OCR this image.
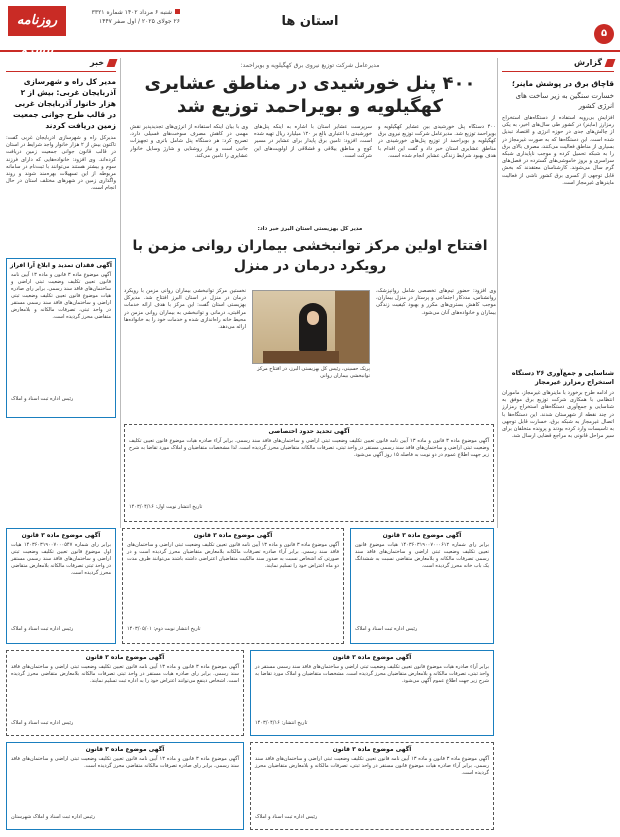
۵
استان ها
روزنامه پیشرو
شنبه ۶ مرداد ۱۴۰۲ شماره ۳۳۲۱
۲۶ جولای ۲۰۲۵ / اول صفر ۱۴۴۷
گزارش
قاچاق برق در پوشش ماینر؛
خسارت سنگین به زیر ساخت های انرژی کشور
افزایش بی‌رویه استفاده از دستگاه‌های استخراج رمزارز (ماینر) در کشور طی سال‌های اخیر، به یکی از چالش‌های جدی در حوزه انرژی و اقتصاد تبدیل شده است. این دستگاه‌ها که به صورت غیرمجاز در بسیاری از مناطق فعالیت می‌کنند، مصرف بالای برق را به شبکه تحمیل کرده و موجب ناپایداری شبکه سراسری و بروز خاموشی‌های گسترده در فصل‌های گرم سال می‌شوند. کارشناسان معتقدند که بخش قابل توجهی از کسری برق کشور ناشی از فعالیت ماینرهای غیرمجاز است.
شناسایی و جمع‌آوری ۲۶ دستگاه استخراج رمزارز غیرمجاز
در ادامه طرح برخورد با ماینرهای غیرمجاز، ماموران انتظامی با همکاری شرکت توزیع برق موفق به شناسایی و جمع‌آوری دستگاه‌های استخراج رمزارز در چند نقطه از شهرستان شدند. این دستگاه‌ها با اتصال غیرمجاز به شبکه برق، خسارت قابل توجهی به تاسیسات وارد کرده بودند و پرونده متخلفان برای سیر مراحل قانونی به مراجع قضایی ارسال شد.
مدیرعامل شرکت توزیع نیروی برق کهگیلویه و بویراحمد:
۴۰۰ پنل خورشیدی در مناطق عشایری کهگیلویه و بویراحمد توزیع شد
۴۰۰ دستگاه پنل خورشیدی بین عشایر کهگیلویه و بویراحمد توزیع شد. مدیرعامل شرکت توزیع نیروی برق کهگیلویه و بویراحمد از توزیع پنل‌های خورشیدی در مناطق عشایری استان خبر داد و گفت این اقدام با هدف بهبود شرایط زندگی عشایر انجام شده است.
سرپرست عشایر استان با اشاره به اینکه پنل‌های خورشیدی با اعتباری بالغ بر ۱۲۰ میلیارد ریال تهیه شده است، افزود: تامین برق پایدار برای عشایر در مسیر کوچ و مناطق ییلاقی و قشلاقی از اولویت‌های این شرکت است.
وی با بیان اینکه استفاده از انرژی‌های تجدیدپذیر نقش مهمی در کاهش مصرف سوخت‌های فسیلی دارد، تصریح کرد: هر دستگاه پنل شامل باتری و تجهیزات جانبی است و نیاز روشنایی و شارژ وسایل خانوار عشایری را تامین می‌کند.
مدیر کل بهزیستی استان البرز خبر داد:
افتتاح اولین مرکز توانبخشی بیماران روانی مزمن با رویکرد درمان در منزل
وی افزود: حضور تیم‌های تخصصی شامل روانپزشک، روانشناس، مددکار اجتماعی و پرستار در منزل بیماران، موجب کاهش بستری‌های مکرر و بهبود کیفیت زندگی بیماران و خانواده‌های آنان می‌شود.
نخستین مرکز توانبخشی بیماران روانی مزمن با رویکرد درمان در منزل در استان البرز افتتاح شد. مدیرکل بهزیستی استان گفت: این مرکز با هدف ارائه خدمات مراقبتی، درمانی و توانبخشی به بیماران روانی مزمن در محیط خانه راه‌اندازی شده و خدمات خود را به خانواده‌ها ارائه می‌دهد.
پرنک حسینی، رئیس کل بهزیستی البرز، در افتتاح مرکز توانبخشی بیماران روانی
خبر
مدیر کل راه و شهرسازی آذربایجان غربی: بیش از ۲ هزار خانوار آذربایجان غربی در قالب طرح جوانی جمعیت زمین دریافت کردند
مدیرکل راه و شهرسازی آذربایجان غربی گفت: تاکنون بیش از ۲ هزار خانوار واجد شرایط در استان در قالب قانون جوانی جمعیت زمین دریافت کرده‌اند. وی افزود: خانواده‌هایی که دارای فرزند سوم و بیشتر هستند می‌توانند با ثبت‌نام در سامانه مربوطه از این تسهیلات بهره‌مند شوند و روند واگذاری زمین در شهرهای مختلف استان در حال انجام است.
آگهی فقدان تمدید و ابلاغ آرا افراز
آگهی موضوع ماده ۳ قانون و ماده ۱۳ آیین نامه قانون تعیین تکلیف وضعیت ثبتی اراضی و ساختمان‌های فاقد سند رسمی. برابر رای صادره هیات موضوع قانون تعیین تکلیف وضعیت ثبتی اراضی و ساختمان‌های فاقد سند رسمی مستقر در واحد ثبتی، تصرفات مالکانه و بلامعارض متقاضی محرز گردیده است.
رئیس اداره ثبت اسناد و املاک
آگهی تحدید حدود اختصاصی
آگهی موضوع ماده ۳ قانون و ماده ۱۳ آیین نامه قانون تعیین تکلیف وضعیت ثبتی اراضی و ساختمان‌های فاقد سند رسمی. برابر آراء صادره هیات موضوع قانون تعیین تکلیف وضعیت ثبتی اراضی و ساختمان‌های فاقد سند رسمی مستقر در واحد ثبتی، تصرفات مالکانه متقاضیان محرز گردیده است. لذا مشخصات متقاضیان و املاک مورد تقاضا به شرح زیر جهت اطلاع عموم در دو نوبت به فاصله ۱۵ روز آگهی می‌شود.
تاریخ انتشار نوبت اول: ۱۴۰۳/۰۴/۱۶
آگهی موضوع ماده ۳ قانون
برابر رای شماره ۱۴۰۳۶۰۳۱۹۰۰۷۰۰۰۵۴۷ هیات اول موضوع قانون تعیین تکلیف وضعیت ثبتی اراضی و ساختمان‌های فاقد سند رسمی مستقر در واحد ثبتی تصرفات مالکانه بلامعارض متقاضی محرز گردیده است.
رئیس اداره ثبت اسناد و املاک
آگهی موضوع ماده ۳ قانون
آگهی موضوع ماده ۳ قانون و ماده ۱۳ آیین نامه قانون تعیین تکلیف وضعیت ثبتی اراضی و ساختمان‌های فاقد سند رسمی. برابر آراء صادره تصرفات مالکانه بلامعارض متقاضیان محرز گردیده است و در صورتی که اشخاص نسبت به صدور سند مالکیت متقاضیان اعتراضی داشته باشند می‌توانند ظرف مدت دو ماه اعتراض خود را تسلیم نمایند.
تاریخ انتشار نوبت دوم: ۱۴۰۳/۰۵/۰۱
آگهی موضوع ماده ۳ قانون
برابر رای شماره ۱۴۰۳۶۰۳۱۹۰۰۷۰۰۰۶۱۲ هیات موضوع قانون تعیین تکلیف وضعیت ثبتی اراضی و ساختمان‌های فاقد سند رسمی تصرفات مالکانه و بلامعارض متقاضی نسبت به ششدانگ یک باب خانه محرز گردیده است.
رئیس اداره ثبت اسناد و املاک
آگهی موضوع ماده ۳ قانون
آگهی موضوع ماده ۳ قانون و ماده ۱۳ آیین نامه قانون تعیین تکلیف وضعیت ثبتی اراضی و ساختمان‌های فاقد سند رسمی. برابر رای صادره هیات مستقر در واحد ثبتی تصرفات مالکانه بلامعارض متقاضی محرز گردیده است. اشخاص ذینفع می‌توانند اعتراض خود را به اداره ثبت تسلیم نمایند.
رئیس اداره ثبت اسناد و املاک
آگهی موضوع ماده ۳ قانون
برابر آراء صادره هیات موضوع قانون تعیین تکلیف وضعیت ثبتی اراضی و ساختمان‌های فاقد سند رسمی مستقر در واحد ثبتی، تصرفات مالکانه و بلامعارض متقاضیان محرز گردیده است. مشخصات متقاضیان و املاک مورد تقاضا به شرح زیر جهت اطلاع عموم آگهی می‌شود.
تاریخ انتشار: ۱۴۰۳/۰۴/۱۶
آگهی موضوع ماده ۳ قانون
آگهی موضوع ماده ۳ قانون و ماده ۱۳ آیین نامه قانون تعیین تکلیف وضعیت ثبتی اراضی و ساختمان‌های فاقد سند رسمی. برابر رای صادره تصرفات مالکانه متقاضی محرز گردیده است.
رئیس اداره ثبت اسناد و املاک شهرستان
آگهی موضوع ماده ۳ قانون
آگهی موضوع ماده ۳ قانون و ماده ۱۳ آیین نامه قانون تعیین تکلیف وضعیت ثبتی اراضی و ساختمان‌های فاقد سند رسمی. برابر آراء صادره هیات موضوع قانون مستقر در واحد ثبتی، تصرفات مالکانه و بلامعارض متقاضیان محرز گردیده است.
رئیس اداره ثبت اسناد و املاک
